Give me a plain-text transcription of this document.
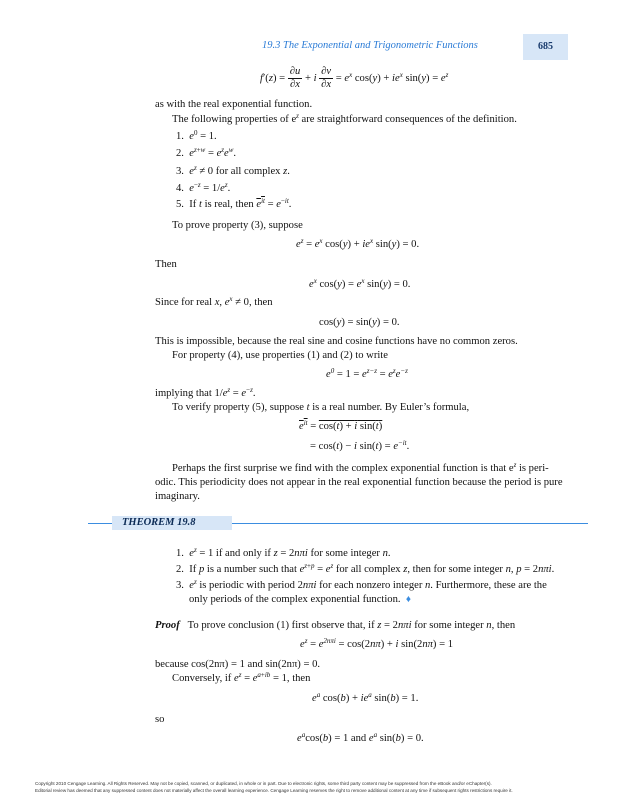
19.3 The Exponential and Trigonometric Functions	685
$f'(z) = \frac{\partial u}{\partial x} + i \frac{\partial v}{\partial x} = e^x$ $\cos(y) + ie^x$ $\sin(y) = e^z$
as with the real exponential function.
The following properties of $e^z$ are straightforward consequences of the definition.
1. $e^0 = 1$.
2. $e^{z+w} = e^ze^w$.
3. $e^z \ne 0$ for all complex z.
4. $e^{-z} = 1/e^z$.
5. If t is real, then $e^{it} = e^{-it}$.
To prove property (3), suppose
$e^z = e^x$ $\cos(y) + ie^x$ sin(y) = 0.
Then
$e^x$ $\cos(y) = e^x$ sin(y) = 0.
Since for real x, $e^x \ne 0$, then
cos(y) = sin(y) = 0.
This is impossible, because the real sine and cosine functions have no common zeros.
For property (4), use properties (1) and (2) to write
$e^0 = 1 = e^{z-z} = e^ze^{-z}$
implying that $1/e^z = e^{-z}$.
To verify property (5), suppose t is a real number. By Euler’s formula,
$e^{it} = \cos(t) + i$ sin(t)
= cos(t) − i $\sin(t) = e^{-it}$.
Perhaps the first surprise we find with the complex exponential function is that $e^z$ is peri-
odic. This periodicity does not appear in the real exponential function because the period is pure
imaginary.
THEOREM 19.8
1. $e^z = 1$ if and only if z = 2nπi for some integer n.
2. If p is a number such that $e^{z+p} = e^z$ for all complex z, then for some integer n, p = 2nπi.
3. $e^z$ is periodic with period 2nπi for each nonzero integer n. Furthermore, these are the
only periods of the complex exponential function. ♦
Proof To prove conclusion (1) first observe that, if z = 2nπi for some integer n, then
$e^z = e^{2n\pi i} = \cos(2n\pi) + i$ sin(2nπ) = 1
because cos(2nπ) = 1 and sin(2nπ) = 0.
Conversely, if $e^z = e^{a+ib} = 1$, then
$e^a$ $\cos(b) + ie^a$ sin(b) = 1.
so
$e^a\cos(b) = 1$ and $e^a$ sin(b) = 0.
Copyright 2010 Cengage Learning. All Rights Reserved. May not be copied, scanned, or duplicated, in whole or in part. Due to electronic rights, some third party content may be suppressed from the eBook and/or eChapter(s).
Editorial review has deemed that any suppressed content does not materially affect the overall learning experience. Cengage Learning reserves the right to remove additional content at any time if subsequent rights restrictions require it.
